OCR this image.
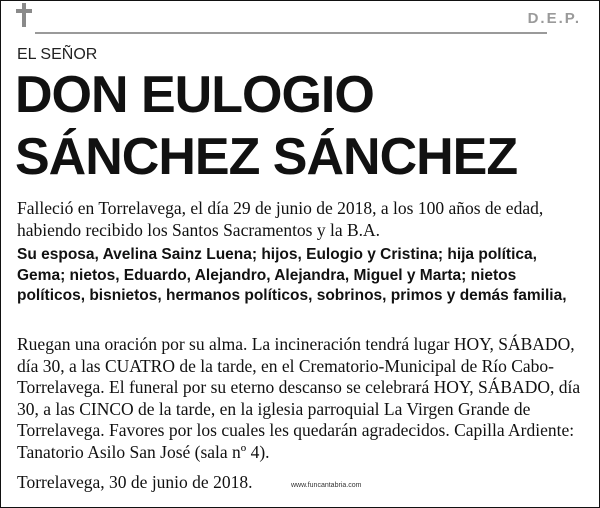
D.E.P.
EL SEÑOR
DON EULOGIO
SÁNCHEZ SÁNCHEZ
Falleció en Torrelavega, el día 29 de junio de 2018, a los 100 años de edad, habiendo recibido los Santos Sacramentos y la B.A.
Su esposa, Avelina Sainz Luena; hijos, Eulogio y Cristina; hija política, Gema; nietos, Eduardo, Alejandro, Alejandra, Miguel y Marta; nietos políticos, bisnietos, hermanos políticos, sobrinos, primos y demás familia,
Ruegan una oración por su alma. La incineración tendrá lugar HOY, SÁBADO, día 30, a las CUATRO de la tarde, en el Crematorio-Municipal de Río Cabo-Torrelavega. El funeral por su eterno descanso se celebrará HOY, SÁBADO, día 30, a las CINCO de la tarde, en la iglesia parroquial La Virgen Grande de Torrelavega. Favores por los cuales les quedarán agradecidos. Capilla Ardiente: Tanatorio Asilo San José (sala nº 4).
Torrelavega, 30 de junio de 2018.	www.funcantabria.com
